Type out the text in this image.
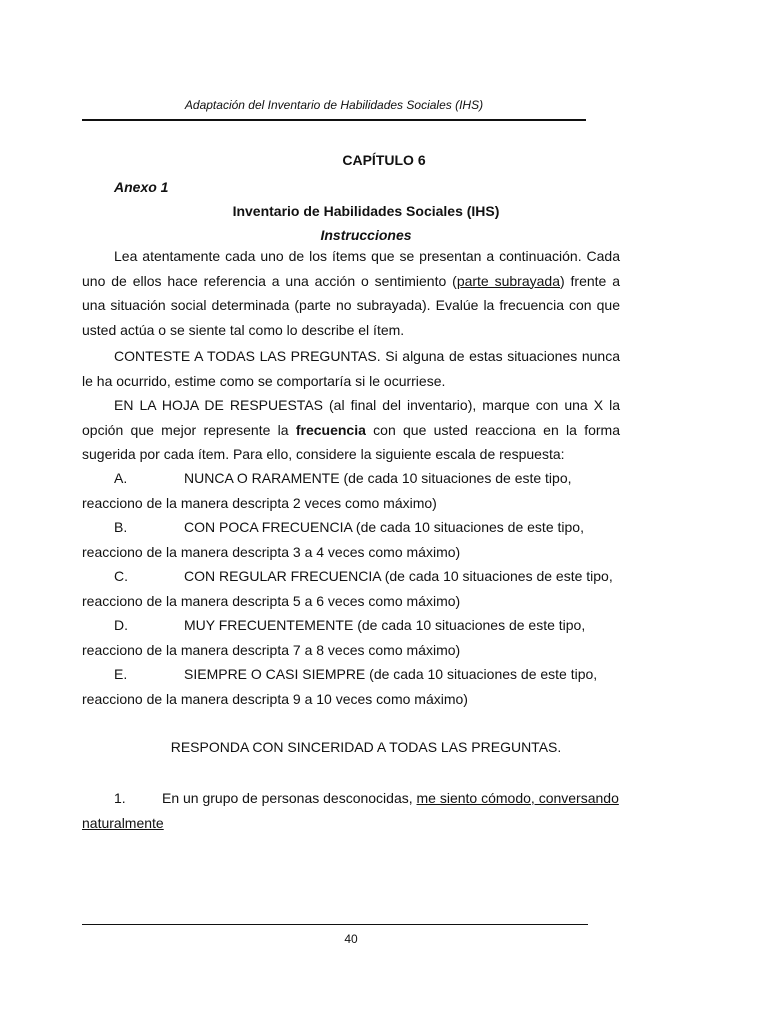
Adaptación del Inventario de Habilidades Sociales (IHS)
CAPÍTULO 6
Anexo 1
Inventario de Habilidades Sociales (IHS)
Instrucciones

Lea atentamente cada uno de los ítems que se presentan a continuación. Cada uno de ellos hace referencia a una acción o sentimiento (parte subrayada) frente a una situación social determinada (parte no subrayada). Evalúe la frecuencia con que usted actúa o se siente tal como lo describe el ítem.

CONTESTE A TODAS LAS PREGUNTAS. Si alguna de estas situaciones nunca le ha ocurrido, estime como se comportaría si le ocurriese.

EN LA HOJA DE RESPUESTAS (al final del inventario), marque con una X la opción que mejor represente la frecuencia con que usted reacciona en la forma sugerida por cada ítem. Para ello, considere la siguiente escala de respuesta:

A.	NUNCA O RARAMENTE (de cada 10 situaciones de este tipo,
reacciono de la manera descripta 2 veces como máximo)
B.	CON POCA FRECUENCIA (de cada 10 situaciones de este tipo,
reacciono de la manera descripta 3 a 4 veces como máximo)
C.	CON REGULAR FRECUENCIA (de cada 10 situaciones de este tipo,
reacciono de la manera descripta 5 a 6 veces como máximo)
D.	MUY FRECUENTEMENTE (de cada 10 situaciones de este tipo,
reacciono de la manera descripta 7 a 8 veces como máximo)
E.	SIEMPRE O CASI SIEMPRE (de cada 10 situaciones de este tipo,
reacciono de la manera descripta 9 a 10 veces como máximo)
RESPONDA CON SINCERIDAD A TODAS LAS PREGUNTAS.
1.	En un grupo de personas desconocidas, me siento cómodo, conversando naturalmente
40
